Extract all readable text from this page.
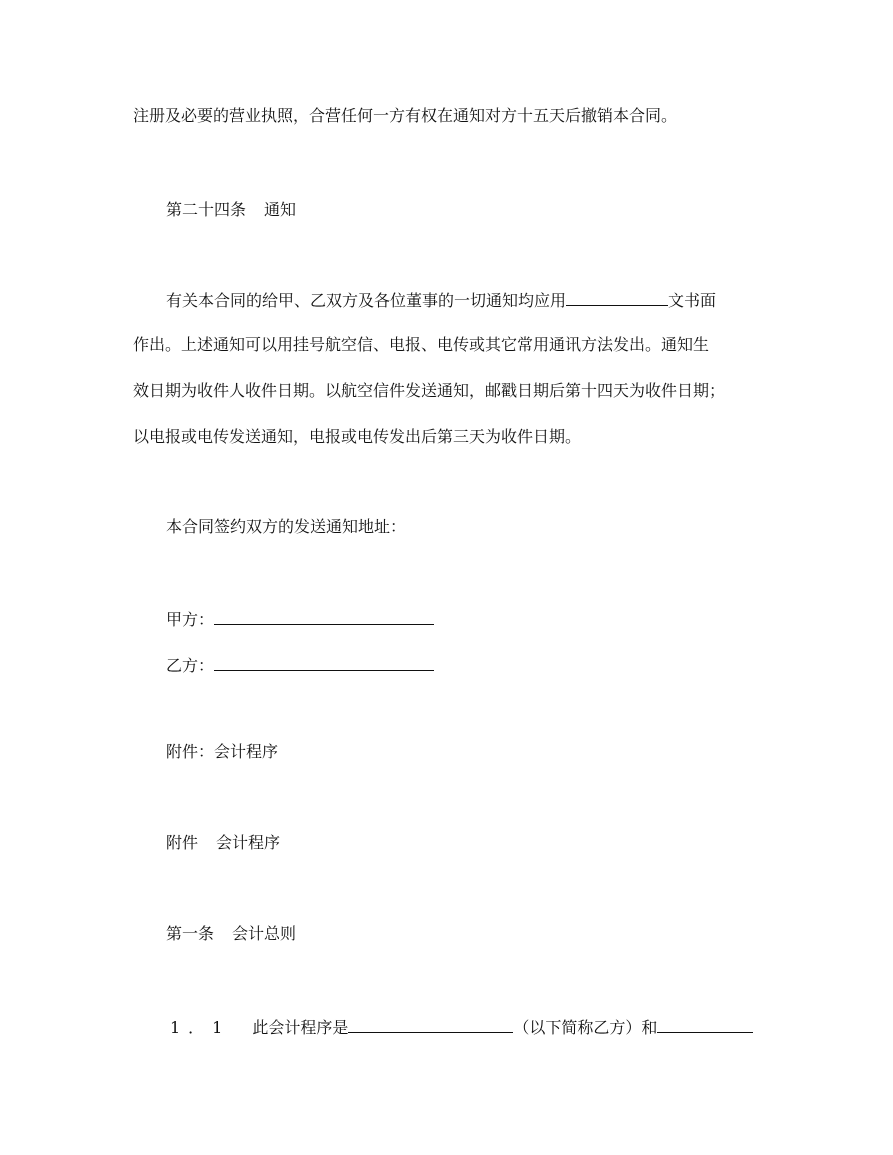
注册及必要的营业执照，合营任何一方有权在通知对方十五天后撤销本合同。
第二十四条 通知
有关本合同的给甲、乙双方及各位董事的一切通知均应用	文书面
作出。上述通知可以用挂号航空信、电报、电传或其它常用通讯方法发出。通知生
效日期为收件人收件日期。以航空信件发送通知，邮戳日期后第十四天为收件日期；
以电报或电传发送通知，电报或电传发出后第三天为收件日期。
本合同签约双方的发送通知地址：
甲方：
乙方：
附件：会计程序
附件 会计程序
第一条 会计总则
1．1 此会计程序是	（以下简称乙方）和
